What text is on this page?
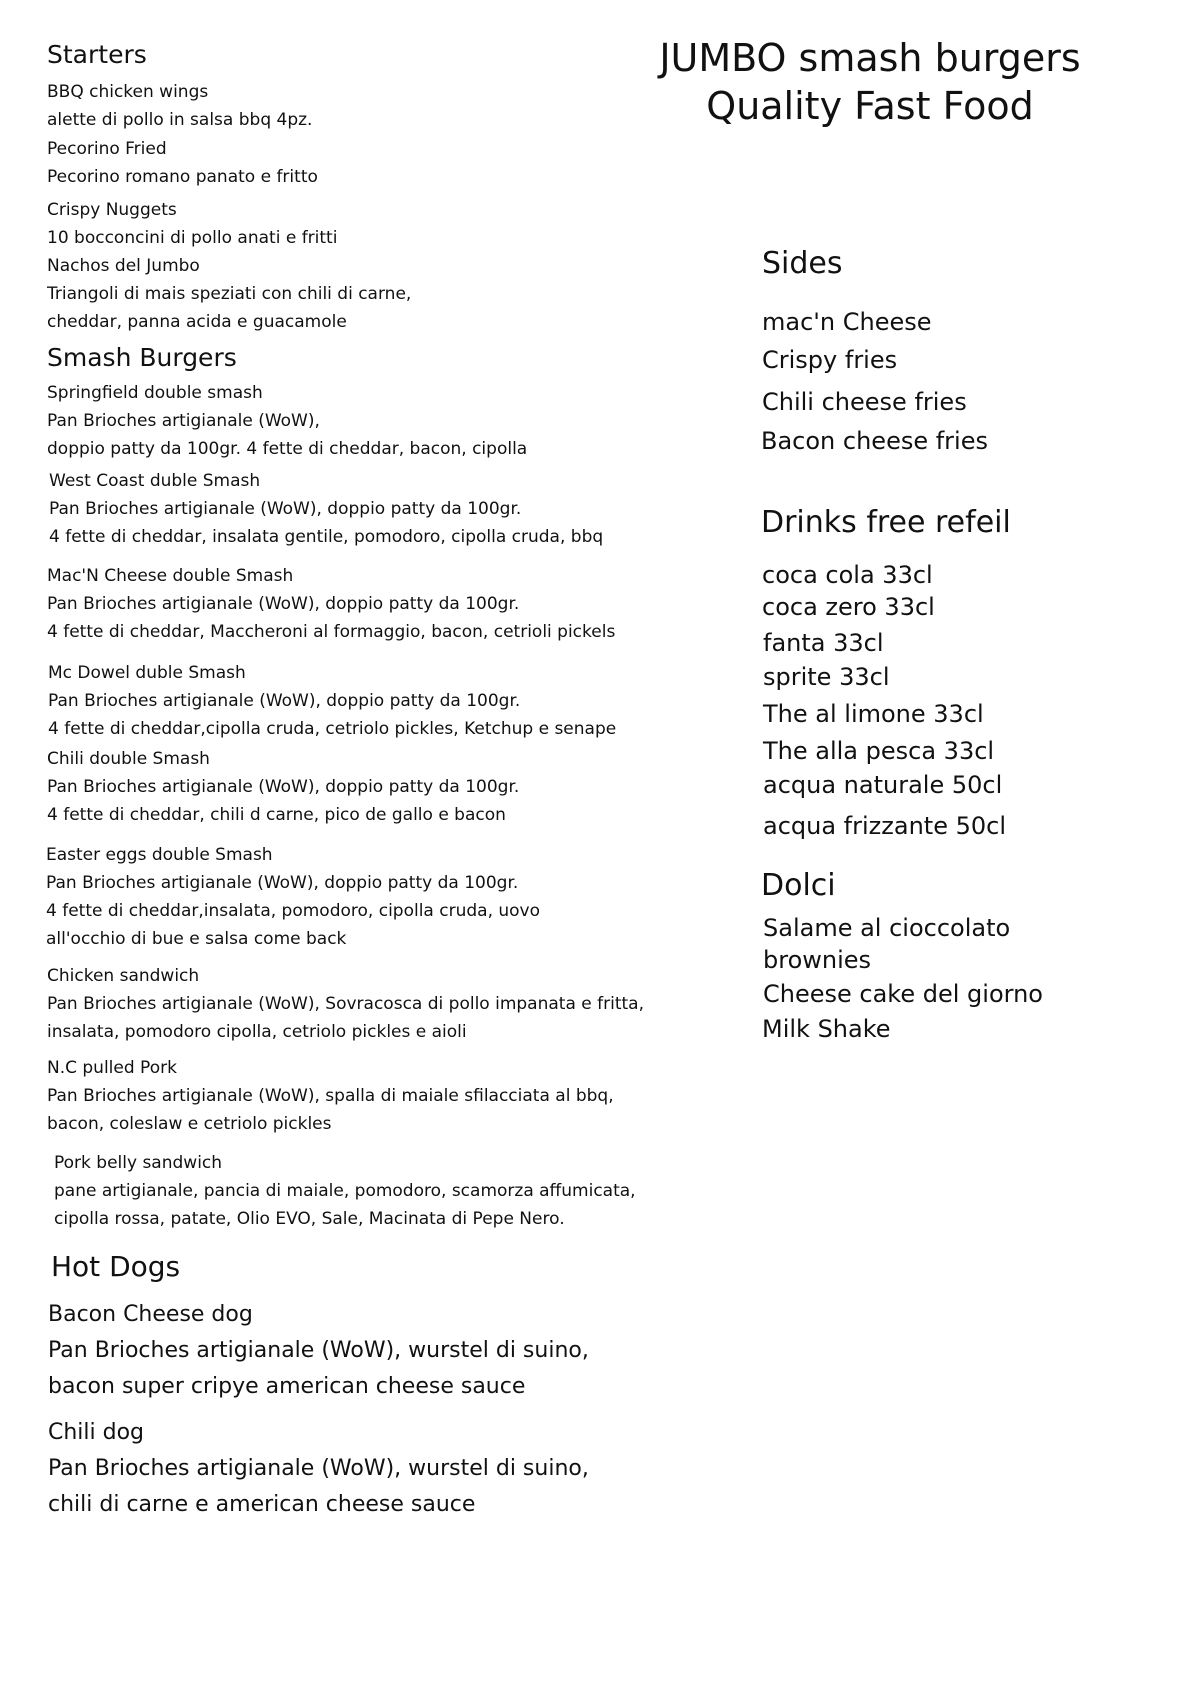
JUMBO smash burgers
Quality Fast Food
Starters
BBQ chicken wings
alette di pollo in salsa bbq 4pz.
Pecorino Fried
Pecorino romano panato e fritto
Crispy Nuggets
10 bocconcini di pollo anati e fritti
Nachos del Jumbo
Triangoli di mais speziati con chili di carne,
cheddar, panna acida e guacamole
Smash Burgers
Springfield double smash
Pan Brioches artigianale (WoW),
doppio patty da 100gr. 4 fette di cheddar, bacon, cipolla
West Coast duble Smash
Pan Brioches artigianale (WoW), doppio patty da 100gr.
4 fette di cheddar, insalata gentile, pomodoro, cipolla cruda, bbq
Mac'N Cheese double Smash
Pan Brioches artigianale (WoW), doppio patty da 100gr.
4 fette di cheddar, Maccheroni al formaggio, bacon, cetrioli pickels
Mc Dowel duble Smash
Pan Brioches artigianale (WoW), doppio patty da 100gr.
4 fette di cheddar,cipolla cruda, cetriolo pickles, Ketchup e senape
Chili double Smash
Pan Brioches artigianale (WoW), doppio patty da 100gr.
4 fette di cheddar, chili d carne, pico de gallo e bacon
Easter eggs double Smash
Pan Brioches artigianale (WoW), doppio patty da 100gr.
4 fette di cheddar,insalata, pomodoro, cipolla cruda, uovo
all'occhio di bue e salsa come back
Chicken sandwich
Pan Brioches artigianale (WoW), Sovracosca di pollo impanata e fritta,
insalata, pomodoro cipolla, cetriolo pickles e aioli
N.C pulled Pork
Pan Brioches artigianale (WoW), spalla di maiale sfilacciata al bbq,
bacon, coleslaw e cetriolo pickles
Pork belly sandwich
pane artigianale, pancia di maiale, pomodoro, scamorza affumicata,
cipolla rossa, patate, Olio EVO, Sale, Macinata di Pepe Nero.
Hot Dogs
Bacon Cheese dog
Pan Brioches artigianale (WoW), wurstel di suino,
bacon super cripye american cheese sauce
Chili dog
Pan Brioches artigianale (WoW), wurstel di suino,
chili di carne e american cheese sauce
Sides
mac'n Cheese
Crispy fries
Chili cheese fries
Bacon cheese fries
Drinks free refeil
coca cola 33cl
coca zero 33cl
fanta 33cl
sprite 33cl
The al limone 33cl
The alla pesca 33cl
acqua naturale 50cl
acqua frizzante 50cl
Dolci
Salame al cioccolato
brownies
Cheese cake del giorno
Milk Shake
